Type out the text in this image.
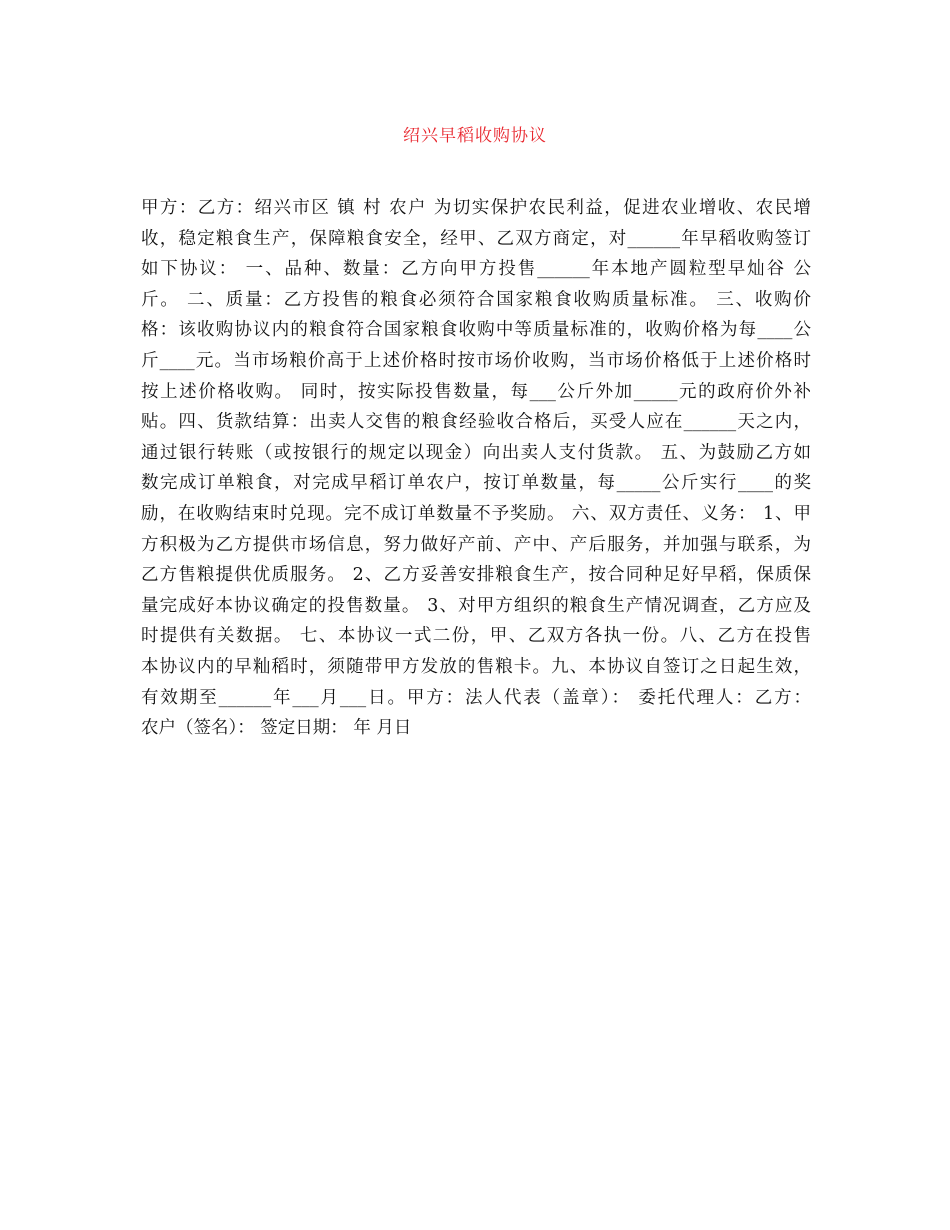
绍兴早稻收购协议
甲方：乙方：绍兴市区 镇 村 农户 为切实保护农民利益，促进农业增收、农民增
收，稳定粮食生产，保障粮食安全，经甲、乙双方商定，对______年早稻收购签订
如下协议： 一、品种、数量：乙方向甲方投售______年本地产圆粒型早灿谷 公
斤。 二、质量：乙方投售的粮食必须符合国家粮食收购质量标准。 三、收购价
格：该收购协议内的粮食符合国家粮食收购中等质量标准的，收购价格为每____公
斤____元。当市场粮价高于上述价格时按市场价收购，当市场价格低于上述价格时
按上述价格收购。 同时，按实际投售数量，每___公斤外加_____元的政府价外补
贴。四、货款结算：出卖人交售的粮食经验收合格后，买受人应在______天之内，
通过银行转账（或按银行的规定以现金）向出卖人支付货款。 五、为鼓励乙方如
数完成订单粮食，对完成早稻订单农户，按订单数量，每_____公斤实行____的奖
励，在收购结束时兑现。完不成订单数量不予奖励。 六、双方责任、义务： 1、甲
方积极为乙方提供市场信息，努力做好产前、产中、产后服务，并加强与联系，为
乙方售粮提供优质服务。 2、乙方妥善安排粮食生产，按合同种足好早稻，保质保
量完成好本协议确定的投售数量。 3、对甲方组织的粮食生产情况调查，乙方应及
时提供有关数据。 七、本协议一式二份，甲、乙双方各执一份。八、乙方在投售
本协议内的早籼稻时，须随带甲方发放的售粮卡。九、本协议自签订之日起生效，
有效期至______年___月___日。甲方：法人代表（盖章）： 委托代理人：乙方：
农户（签名）： 签定日期： 年 月日
